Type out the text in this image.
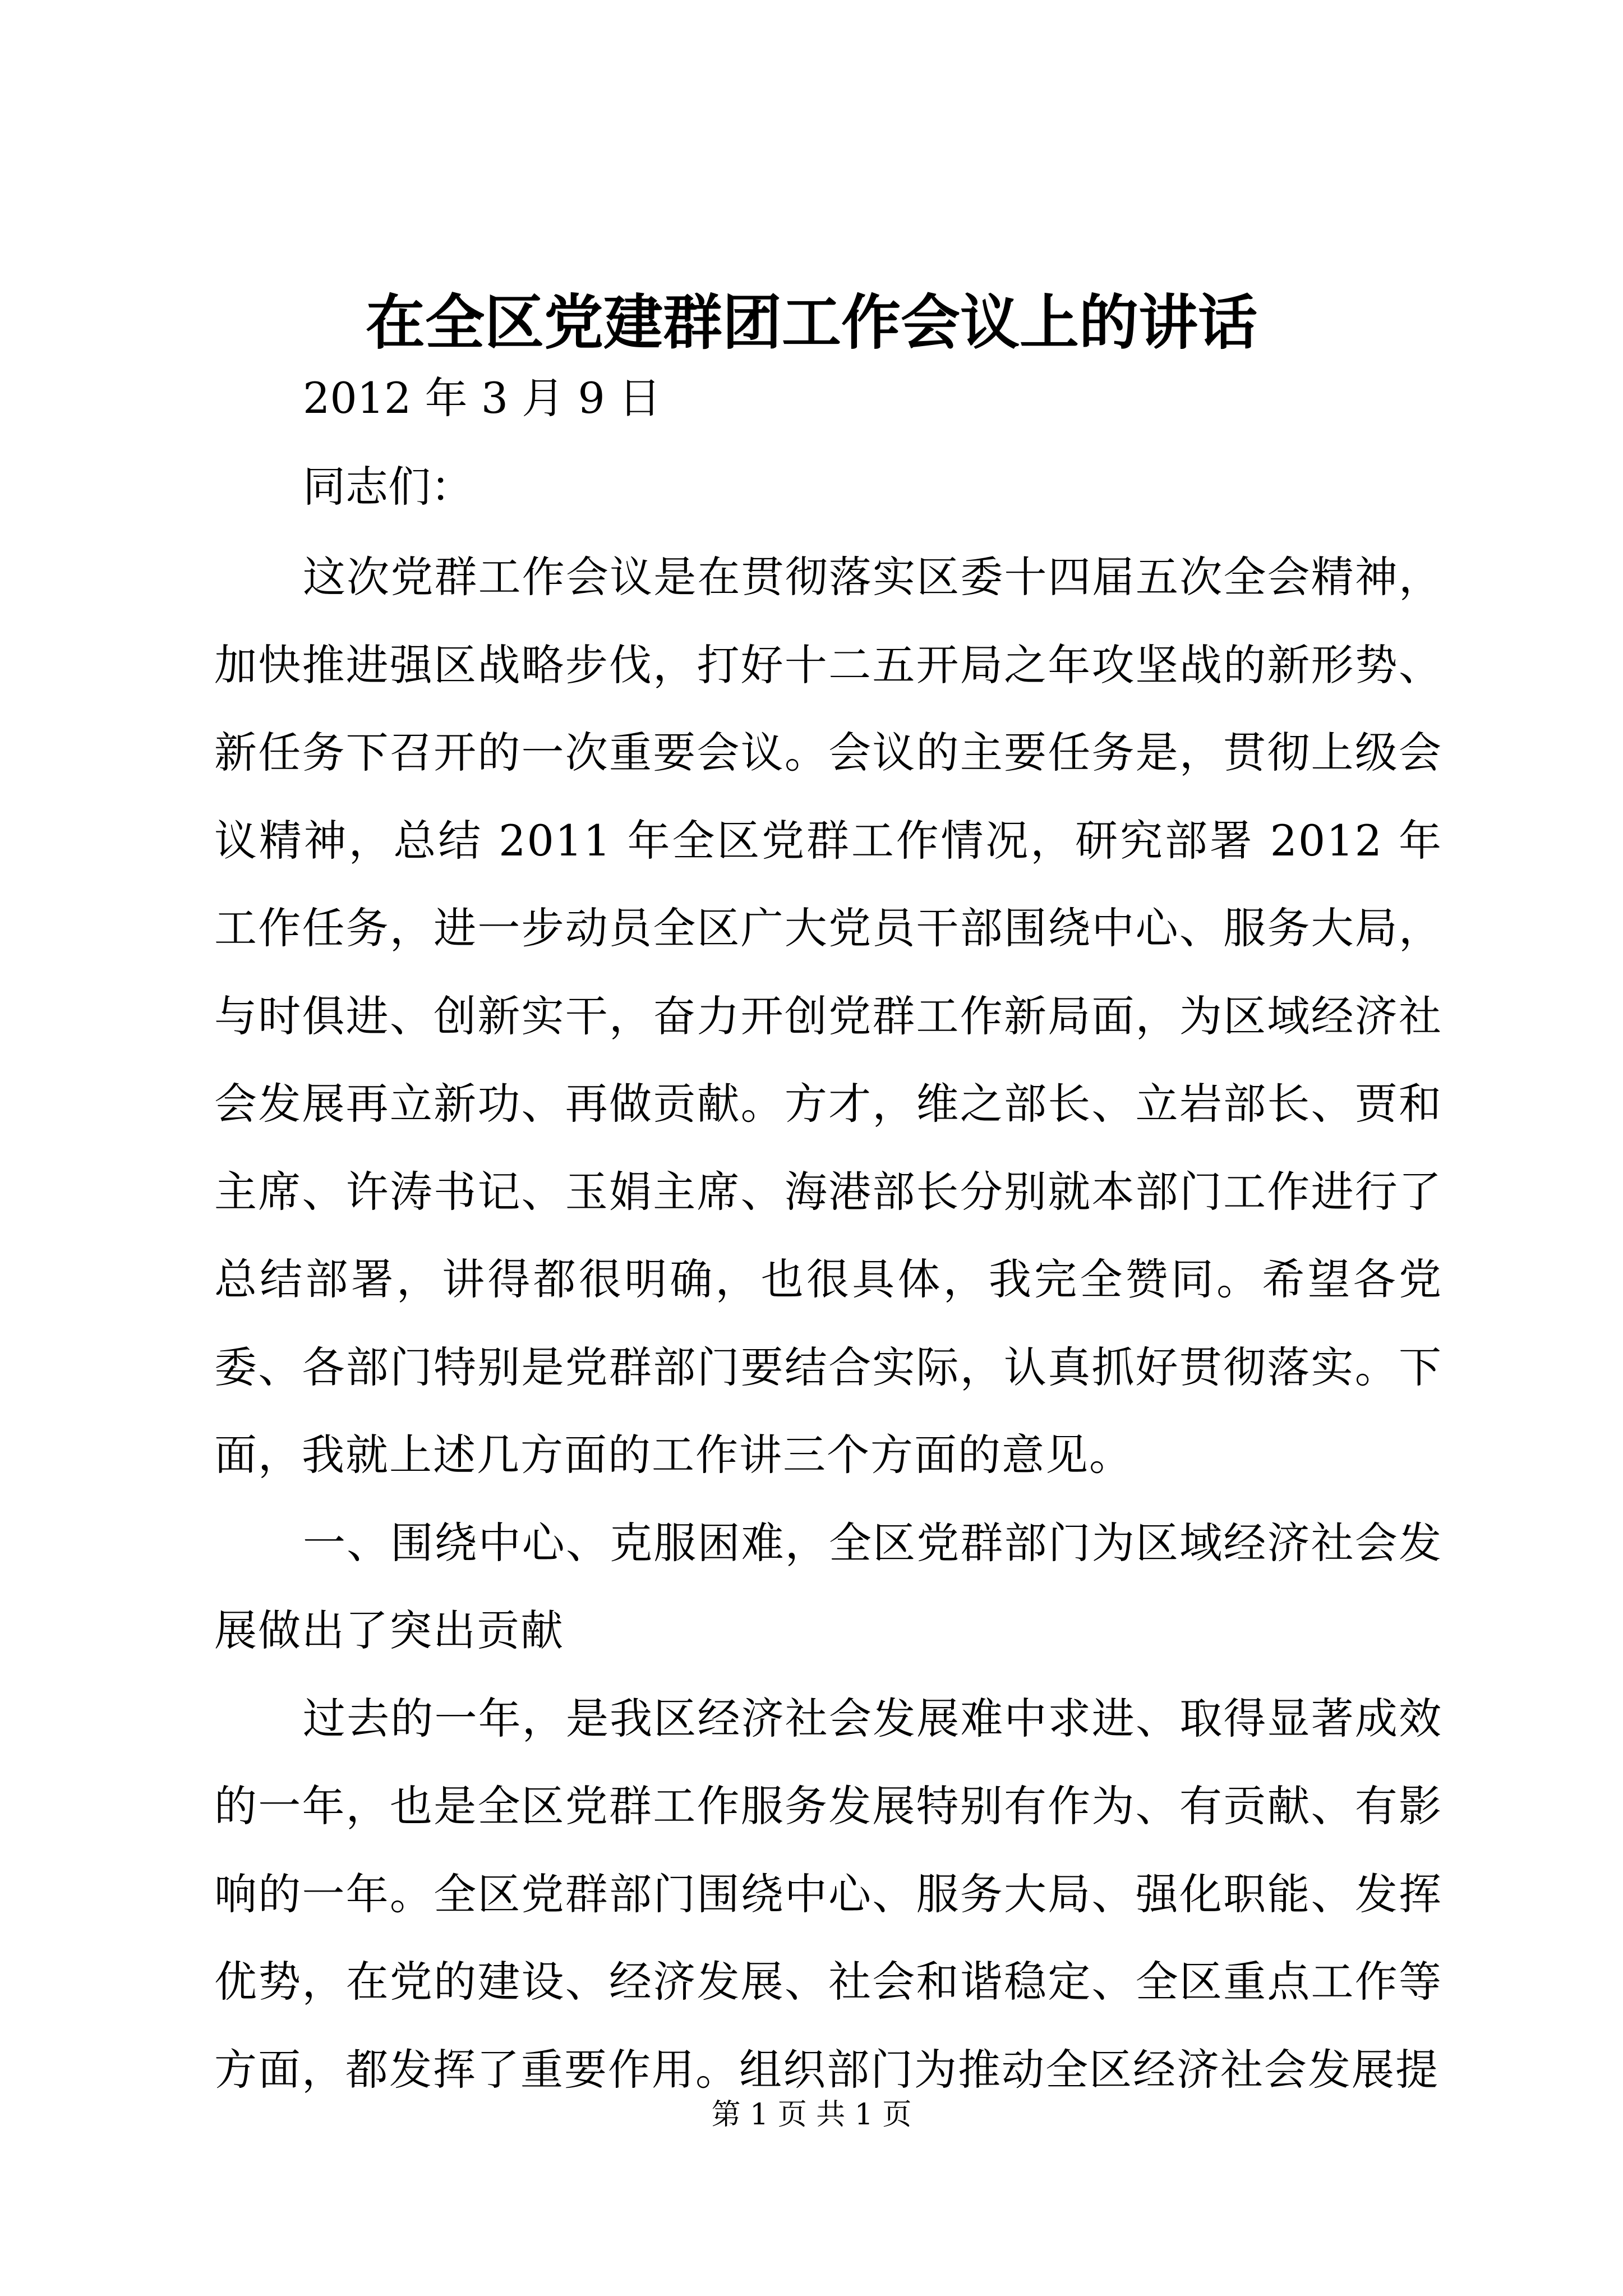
在全区党建群团工作会议上的讲话
2012 年 3 月 9 日
同志们：

这次党群工作会议是在贯彻落实区委十四届五次全会精神，加快推进强区战略步伐，打好十二五开局之年攻坚战的新形势、新任务下召开的一次重要会议。会议的主要任务是，贯彻上级会议精神，总结 2011 年全区党群工作情况，研究部署 2012 年工作任务，进一步动员全区广大党员干部围绕中心、服务大局，与时俱进、创新实干，奋力开创党群工作新局面，为区域经济社会发展再立新功、再做贡献。方才，维之部长、立岩部长、贾和主席、许涛书记、玉娟主席、海港部长分别就本部门工作进行了总结部署，讲得都很明确，也很具体，我完全赞同。希望各党委、各部门特别是党群部门要结合实际，认真抓好贯彻落实。下面，我就上述几方面的工作讲三个方面的意见。

一、围绕中心、克服困难，全区党群部门为区域经济社会发展做出了突出贡献

过去的一年，是我区经济社会发展难中求进、取得显著成效的一年，也是全区党群工作服务发展特别有作为、有贡献、有影响的一年。全区党群部门围绕中心、服务大局、强化职能、发挥优势，在党的建设、经济发展、社会和谐稳定、全区重点工作等方面，都发挥了重要作用。组织部门为推动全区经济社会发展提

第 1 页 共 1 页
